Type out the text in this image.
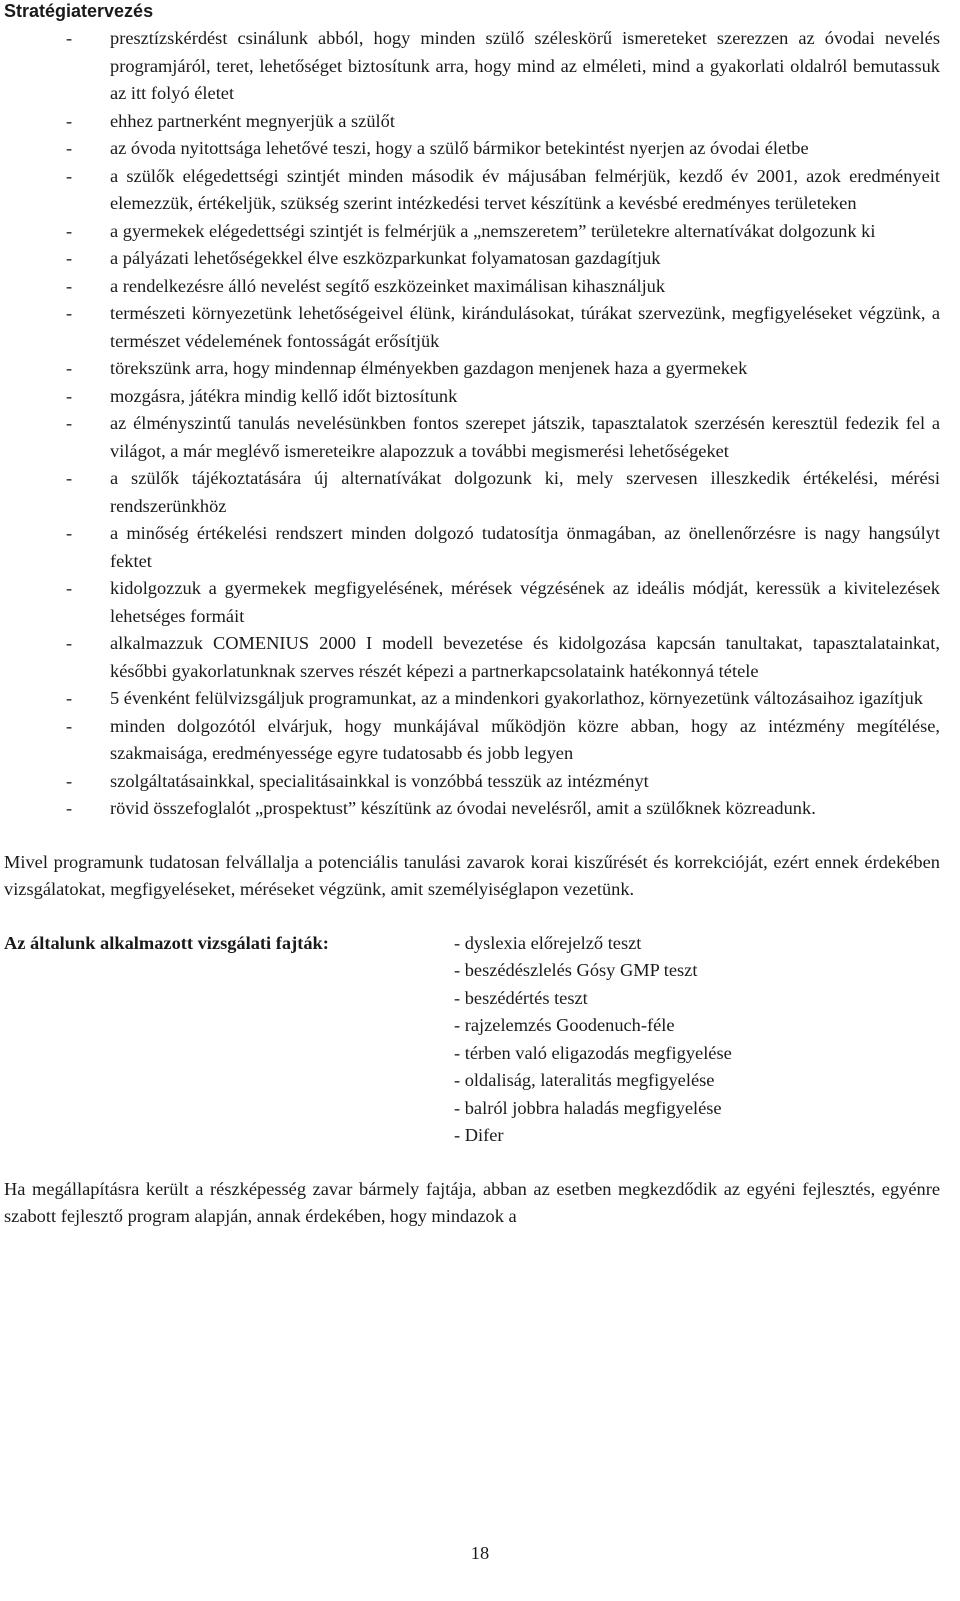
Stratégiatervezés
- presztízskérdést csinálunk abból, hogy minden szülő széleskörű ismereteket szerezzen az óvodai nevelés programjáról, teret, lehetőséget biztosítunk arra, hogy mind az elméleti, mind a gyakorlati oldalról bemutassuk az itt folyó életet
- ehhez partnerként megnyerjük a szülőt
- az óvoda nyitottsága lehetővé teszi, hogy a szülő bármikor betekintést nyerjen az óvodai életbe
- a szülők elégedettségi szintjét minden második év májusában felmérjük, kezdő év 2001, azok eredményeit elemezzük, értékeljük, szükség szerint intézkedési tervet készítünk a kevésbé eredményes területeken
- a gyermekek elégedettségi szintjét is felmérjük a „nemszeretem” területekre alternatívákat dolgozunk ki
- a pályázati lehetőségekkel élve eszközparkunkat folyamatosan gazdagítjuk
- a rendelkezésre álló nevelést segítő eszközeinket maximálisan kihasználjuk
- természeti környezetünk lehetőségeivel élünk, kirándulásokat, túrákat szervezünk, megfigyeléseket végzünk, a természet védelemének fontosságát erősítjük
- törekszünk arra, hogy mindennap élményekben gazdagon menjenek haza a gyermekek
- mozgásra, játékra mindig kellő időt biztosítunk
- az élményszintű tanulás nevelésünkben fontos szerepet játszik, tapasztalatok szerzésén keresztül fedezik fel a világot, a már meglévő ismereteikre alapozzuk a további megismerési lehetőségeket
- a szülők tájékoztatására új alternatívákat dolgozunk ki, mely szervesen illeszkedik értékelési, mérési rendszerünkhöz
- a minőség értékelési rendszert minden dolgozó tudatosítja önmagában, az önellenőrzésre is nagy hangsúlyt fektet
- kidolgozzuk a gyermekek megfigyelésének, mérések végzésének az ideális módját, keressük a kivitelezések lehetséges formáit
- alkalmazzuk COMENIUS 2000 I modell bevezetése és kidolgozása kapcsán tanultakat, tapasztalatainkat, későbbi gyakorlatunknak szerves részét képezi a partnerkapcsolataink hatékonnyá tétele
- 5 évenként felülvizsgáljuk programunkat, az a mindenkori gyakorlathoz, környezetünk változásaihoz igazítjuk
- minden dolgozótól elvárjuk, hogy munkájával működjön közre abban, hogy az intézmény megítélése, szakmaisága, eredményessége egyre tudatosabb és jobb legyen
- szolgáltatásainkkal, specialitásainkkal is vonzóbbá tesszük az intézményt
- rövid összefoglalót „prospektust” készítünk az óvodai nevelésről, amit a szülőknek közreadunk.

Mivel programunk tudatosan felvállalja a potenciális tanulási zavarok korai kiszűrését és korrekcióját, ezért ennek érdekében vizsgálatokat, megfigyeléseket, méréseket végzünk, amit személyiséglapon vezetünk.

Az általunk alkalmazott vizsgálati fajták:	- dyslexia előrejelző teszt
- beszédészlelés Gósy GMP teszt
- beszédértés teszt
- rajzelemzés Goodenuch-féle
- térben való eligazodás megfigyelése
- oldaliság, lateralitás megfigyelése
- balról jobbra haladás megfigyelése
- Difer

Ha megállapításra került a részképesség zavar bármely fajtája, abban az esetben megkezdődik az egyéni fejlesztés, egyénre szabott fejlesztő program alapján, annak érdekében, hogy mindazok a

18
